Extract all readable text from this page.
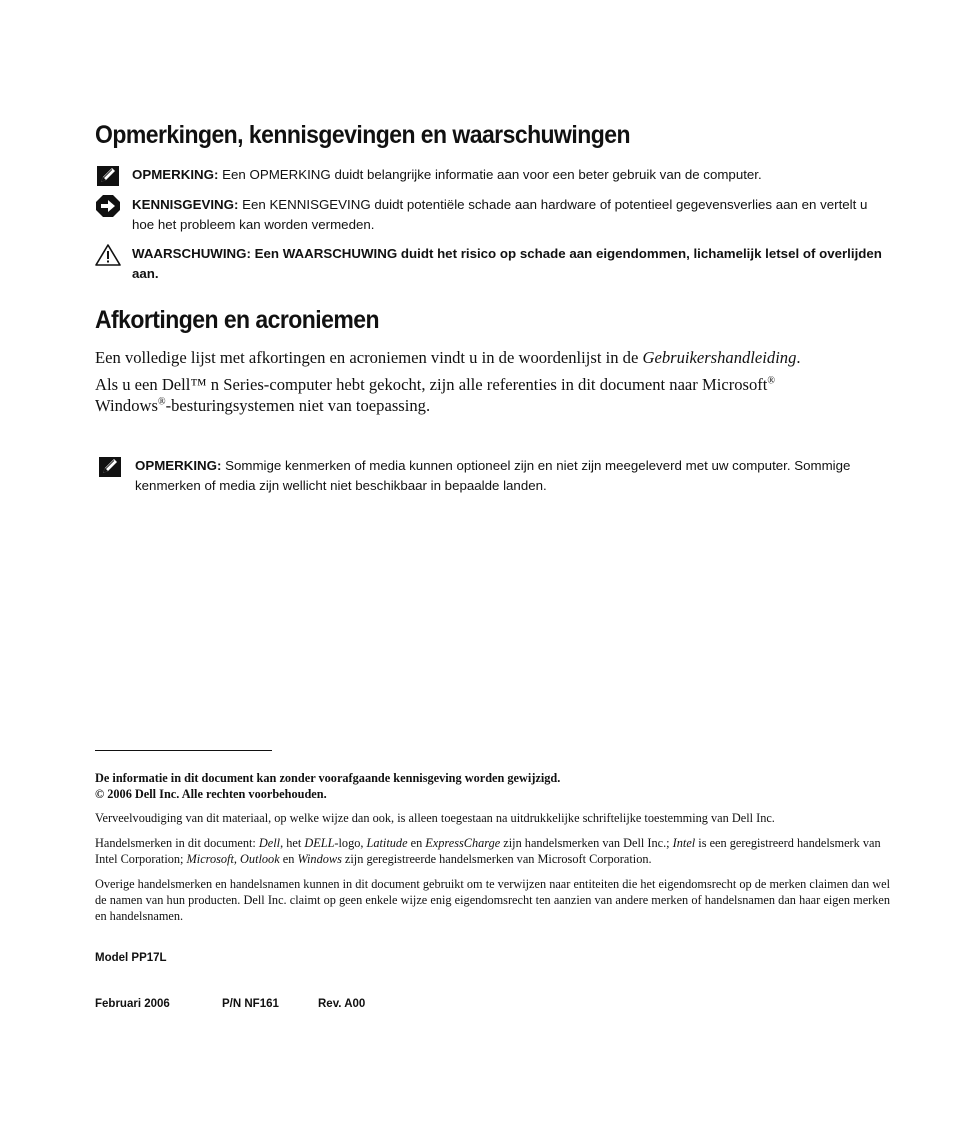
Opmerkingen, kennisgevingen en waarschuwingen
OPMERKING: Een OPMERKING duidt belangrijke informatie aan voor een beter gebruik van de computer.
KENNISGEVING: Een KENNISGEVING duidt potentiële schade aan hardware of potentieel gegevensverlies aan en vertelt u hoe het probleem kan worden vermeden.
WAARSCHUWING: Een WAARSCHUWING duidt het risico op schade aan eigendommen, lichamelijk letsel of overlijden aan.
Afkortingen en acroniemen

Een volledige lijst met afkortingen en acroniemen vindt u in de woordenlijst in de Gebruikershandleiding.

Als u een Dell™ n Series-computer hebt gekocht, zijn alle referenties in dit document naar Microsoft®
Windows®-besturingsystemen niet van toepassing.

OPMERKING: Sommige kenmerken of media kunnen optioneel zijn en niet zijn meegeleverd met uw computer. Sommige kenmerken of media zijn wellicht niet beschikbaar in bepaalde landen.
De informatie in dit document kan zonder voorafgaande kennisgeving worden gewijzigd.
© 2006 Dell Inc. Alle rechten voorbehouden.
Verveelvoudiging van dit materiaal, op welke wijze dan ook, is alleen toegestaan na uitdrukkelijke schriftelijke toestemming van Dell Inc.
Handelsmerken in dit document: Dell, het DELL-logo, Latitude en ExpressCharge zijn handelsmerken van Dell Inc.; Intel is een geregistreerd handelsmerk van Intel Corporation; Microsoft, Outlook en Windows zijn geregistreerde handelsmerken van Microsoft Corporation.
Overige handelsmerken en handelsnamen kunnen in dit document gebruikt om te verwijzen naar entiteiten die het eigendomsrecht op de merken claimen dan wel de namen van hun producten. Dell Inc. claimt op geen enkele wijze enig eigendomsrecht ten aanzien van andere merken of handelsnamen dan haar eigen merken en handelsnamen.
Model PP17L
Februari 2006	P/N NF161	Rev. A00
